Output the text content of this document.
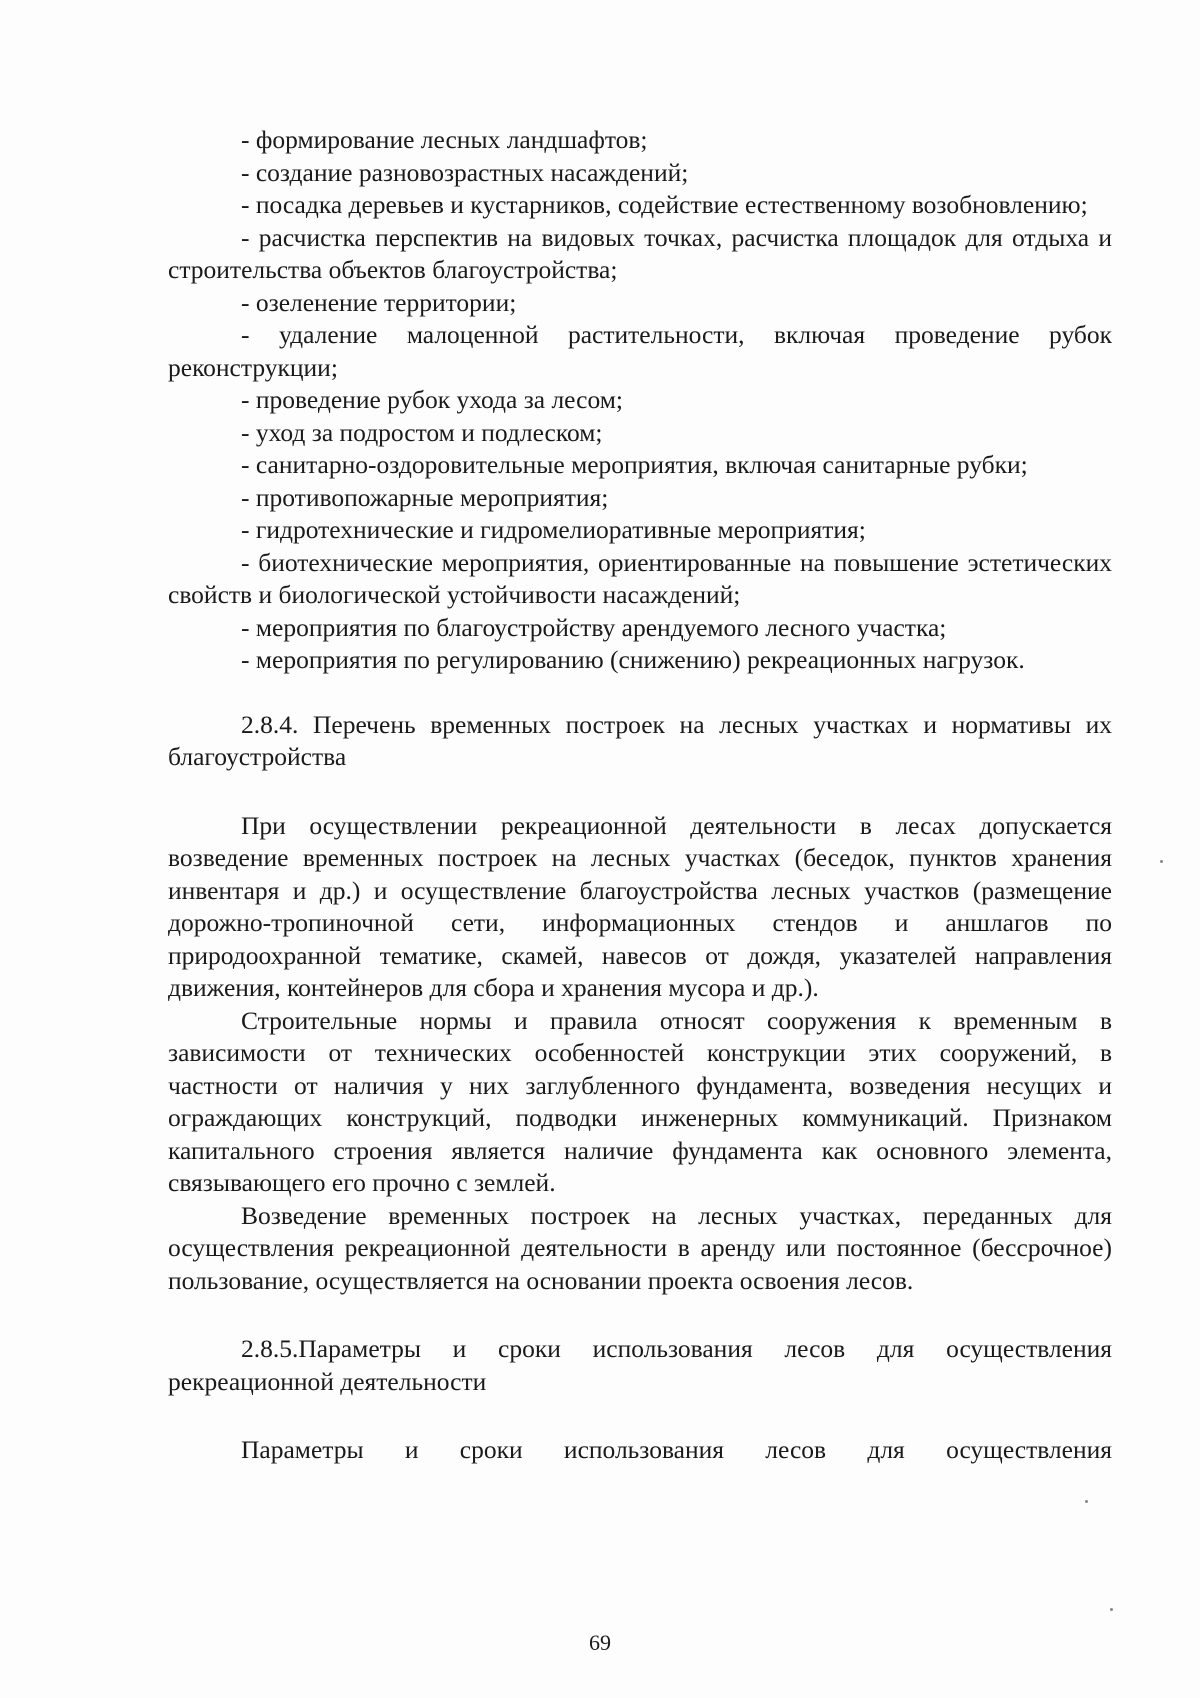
- формирование лесных ландшафтов;

- создание разновозрастных насаждений;

- посадка деревьев и кустарников, содействие естественному возобновлению;

- расчистка перспектив на видовых точках, расчистка площадок для отдыха и строительства объектов благоустройства;

- озеленение территории;

- удаление малоценной растительности, включая проведение рубок реконструкции;

- проведение рубок ухода за лесом;

- уход за подростом и подлеском;

- санитарно-оздоровительные мероприятия, включая санитарные рубки;

- противопожарные мероприятия;

- гидротехнические и гидромелиоративные мероприятия;

- биотехнические мероприятия, ориентированные на повышение эстетических свойств и биологической устойчивости насаждений;

- мероприятия по благоустройству арендуемого лесного участка;

- мероприятия по регулированию (снижению) рекреационных нагрузок.

2.8.4. Перечень временных построек на лесных участках и нормативы их благоустройства

При осуществлении рекреационной деятельности в лесах допускается возведение временных построек на лесных участках (беседок, пунктов хранения инвентаря и др.) и осуществление благоустройства лесных участков (размещение дорожно-тропиночной сети, информационных стендов и аншлагов по природоохранной тематике, скамей, навесов от дождя, указателей направления движения, контейнеров для сбора и хранения мусора и др.).

Строительные нормы и правила относят сооружения к временным в зависимости от технических особенностей конструкции этих сооружений, в частности от наличия у них заглубленного фундамента, возведения несущих и ограждающих конструкций, подводки инженерных коммуникаций. Признаком капитального строения является наличие фундамента как основного элемента, связывающего его прочно с землей.

Возведение временных построек на лесных участках, переданных для осуществления рекреационной деятельности в аренду или постоянное (бессрочное) пользование, осуществляется на основании проекта освоения лесов.

2.8.5.Параметры и сроки использования лесов для осуществления рекреационной деятельности

Параметры и сроки использования лесов для осуществления

69
